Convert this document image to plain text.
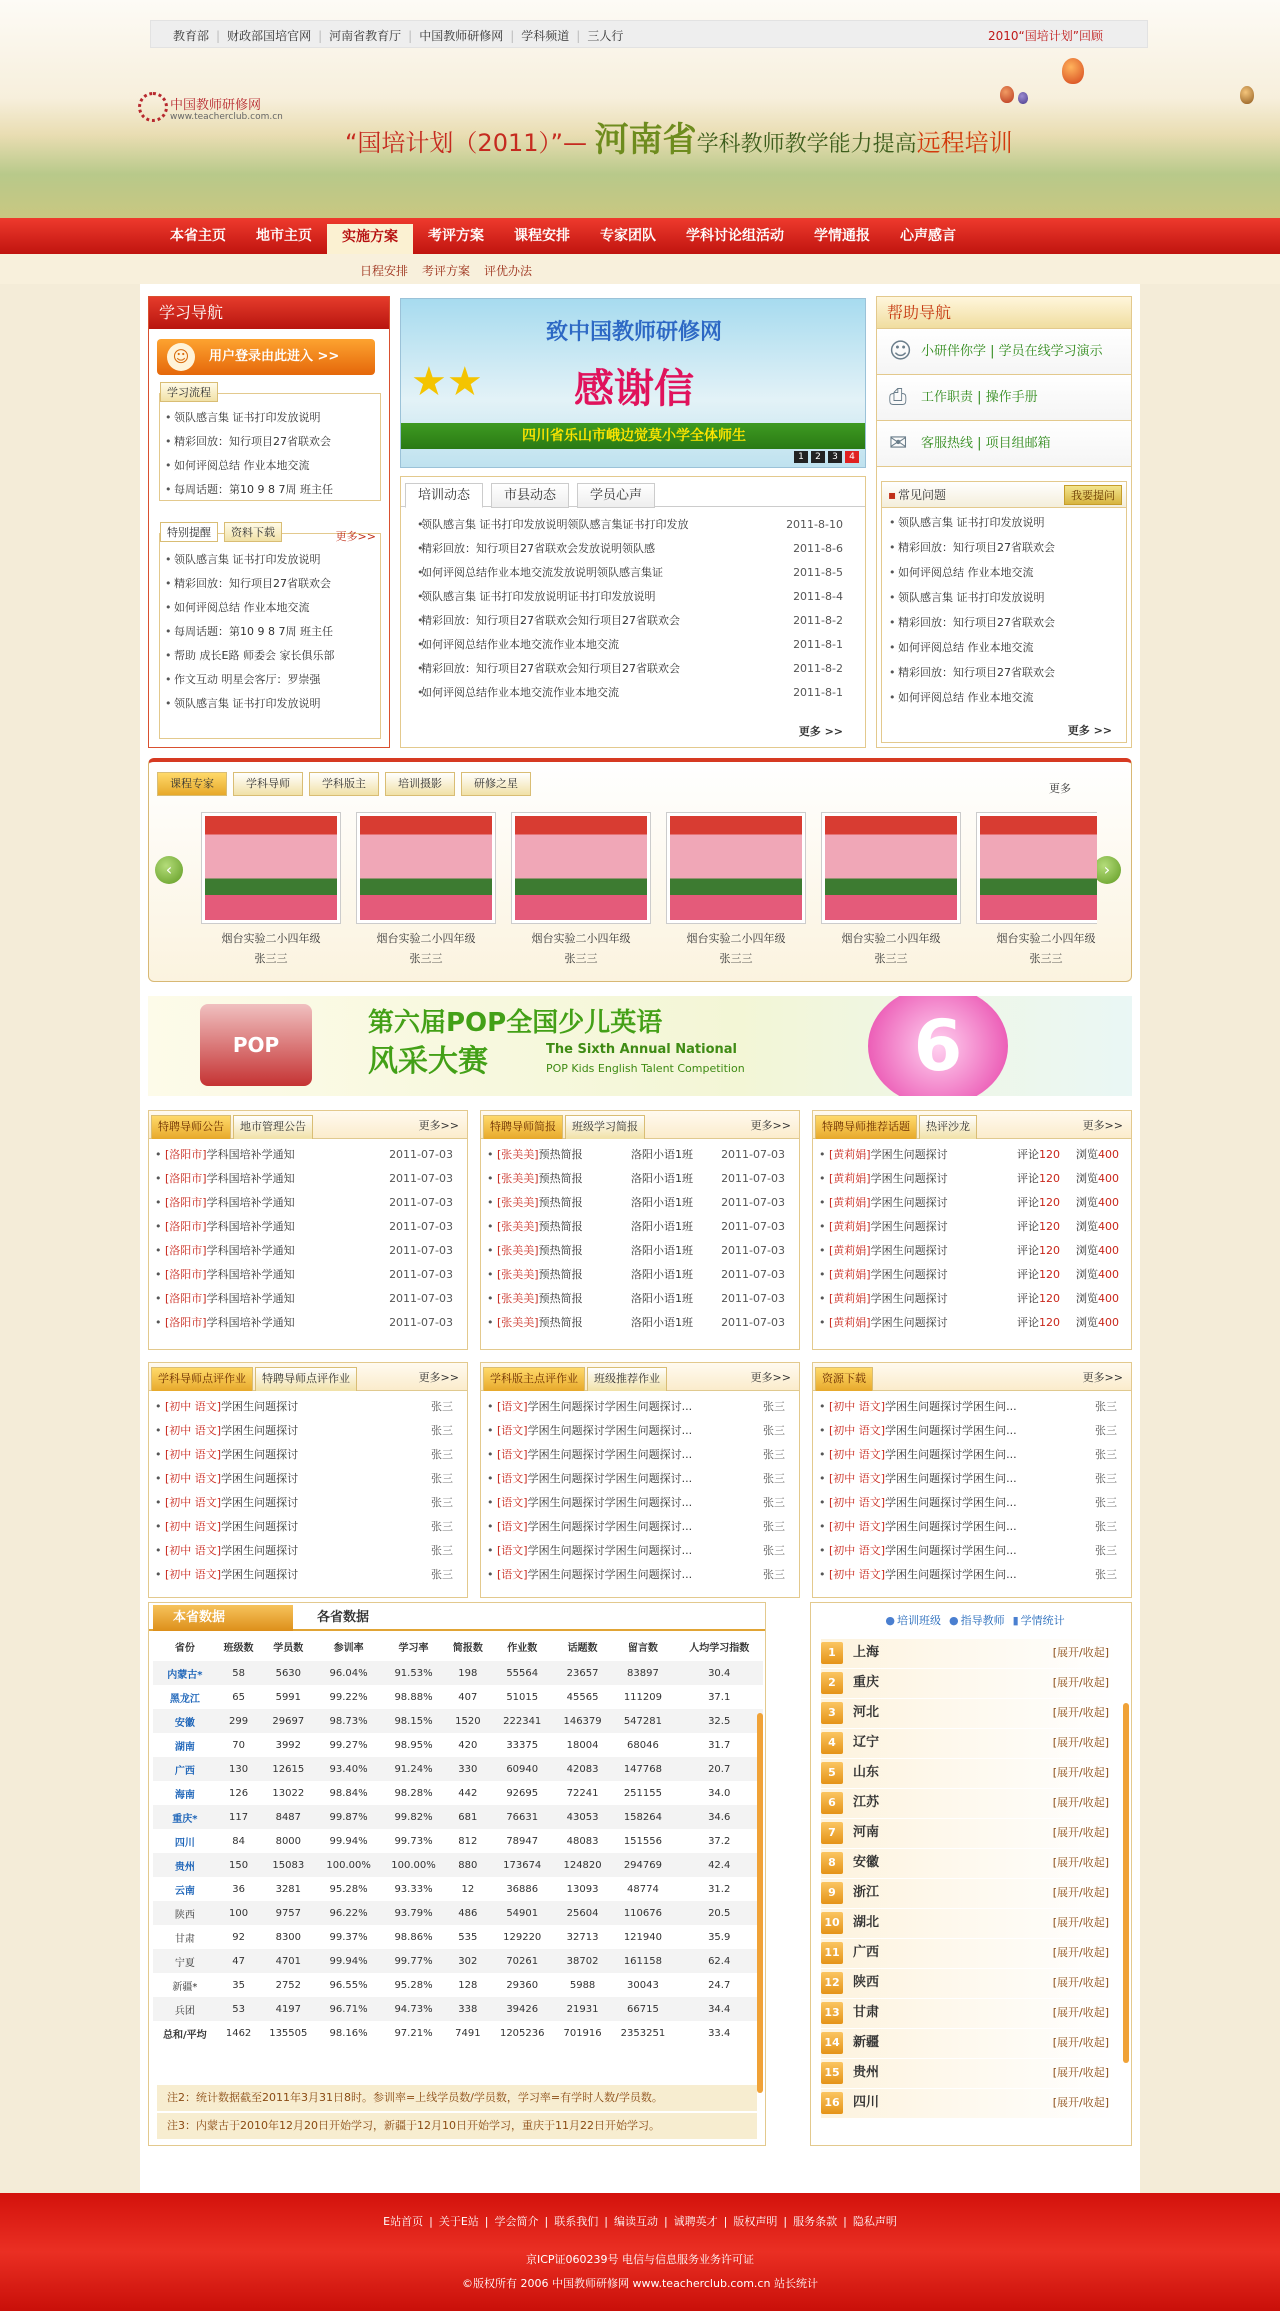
教育部 | 财政部国培官网 | 河南省教育厅 | 中国教师研修网 | 学科频道 | 三人行	2010“国培计划”回顾
中国教师研修网
www.teacherclub.com.cn
“国培计划（2011）”— 河南省学科教师教学能力提高远程培训
本省主页	地市主页	实施方案	考评方案	课程安排	专家团队	学科讨论组活动	学情通报	心声感言
日程安排 考评方案 评优办法
学习导航
☺	用户登录由此进入 >>
学习流程
• 领队感言集 证书打印发放说明
• 精彩回放：知行项目27省联欢会
• 如何评阅总结 作业本地交流
• 每周话题：第10 9 8 7周 班主任
特别提醒	资料下载	更多>>
• 领队感言集 证书打印发放说明
• 精彩回放：知行项目27省联欢会
• 如何评阅总结 作业本地交流
• 每周话题：第10 9 8 7周 班主任
• 帮助 成长E路 师委会 家长俱乐部
• 作文互动 明星会客厅：罗崇强
• 领队感言集 证书打印发放说明
致中国教师研修网
感谢信
★★
四川省乐山市峨边觉莫小学全体师生
1 2 3 4
培训动态	市县动态	学员心声
• 领队感言集 证书打印发放说明领队感言集证书打印发放	2011-8-10
• 精彩回放：知行项目27省联欢会发放说明领队感	2011-8-6
• 如何评阅总结作业本地交流发放说明领队感言集证	2011-8-5
• 领队感言集 证书打印发放说明证书打印发放说明	2011-8-4
• 精彩回放：知行项目27省联欢会知行项目27省联欢会	2011-8-2
• 如何评阅总结作业本地交流作业本地交流	2011-8-1
• 精彩回放：知行项目27省联欢会知行项目27省联欢会	2011-8-2
• 如何评阅总结作业本地交流作业本地交流	2011-8-1
更多 >>
帮助导航
☺ 小研伴你学 | 学员在线学习演示
⎙ 工作职责 | 操作手册
✉ 客服热线 | 项目组邮箱
▪ 常见问题	我要提问
• 领队感言集 证书打印发放说明
• 精彩回放：知行项目27省联欢会
• 如何评阅总结 作业本地交流
• 领队感言集 证书打印发放说明
• 精彩回放：知行项目27省联欢会
• 如何评阅总结 作业本地交流
• 精彩回放：知行项目27省联欢会
• 如何评阅总结 作业本地交流
更多 >>
课程专家	学科导师	学科版主	培训摄影	研修之星	更多
‹	›
烟台实验二小四年级
张三三
烟台实验二小四年级
张三三
烟台实验二小四年级
张三三
烟台实验二小四年级
张三三
烟台实验二小四年级
张三三
烟台实验二小四年级
张三三
POP
第六届POP全国少儿英语
风采大赛	The Sixth Annual National
POP Kids English Talent Competition	6
特聘导师公告	地市管理公告	更多>>
• [洛阳市]学科国培补学通知	2011-07-03
• [洛阳市]学科国培补学通知	2011-07-03
• [洛阳市]学科国培补学通知	2011-07-03
• [洛阳市]学科国培补学通知	2011-07-03
• [洛阳市]学科国培补学通知	2011-07-03
• [洛阳市]学科国培补学通知	2011-07-03
• [洛阳市]学科国培补学通知	2011-07-03
• [洛阳市]学科国培补学通知	2011-07-03
特聘导师简报	班级学习简报	更多>>
• [张美美]预热简报	洛阳小语1班	2011-07-03
• [张美美]预热简报	洛阳小语1班	2011-07-03
• [张美美]预热简报	洛阳小语1班	2011-07-03
• [张美美]预热简报	洛阳小语1班	2011-07-03
• [张美美]预热简报	洛阳小语1班	2011-07-03
• [张美美]预热简报	洛阳小语1班	2011-07-03
• [张美美]预热简报	洛阳小语1班	2011-07-03
• [张美美]预热简报	洛阳小语1班	2011-07-03
特聘导师推荐话题	热评沙龙	更多>>
• [黄莉娟]学困生问题探讨	评论120 浏览400
• [黄莉娟]学困生问题探讨	评论120 浏览400
• [黄莉娟]学困生问题探讨	评论120 浏览400
• [黄莉娟]学困生问题探讨	评论120 浏览400
• [黄莉娟]学困生问题探讨	评论120 浏览400
• [黄莉娟]学困生问题探讨	评论120 浏览400
• [黄莉娟]学困生问题探讨	评论120 浏览400
• [黄莉娟]学困生问题探讨	评论120 浏览400
学科导师点评作业	特聘导师点评作业	更多>>
• [初中 语文]学困生问题探讨	张三
• [初中 语文]学困生问题探讨	张三
• [初中 语文]学困生问题探讨	张三
• [初中 语文]学困生问题探讨	张三
• [初中 语文]学困生问题探讨	张三
• [初中 语文]学困生问题探讨	张三
• [初中 语文]学困生问题探讨	张三
• [初中 语文]学困生问题探讨	张三
学科版主点评作业	班级推荐作业	更多>>
• [语文]学困生问题探讨学困生问题探讨...	张三
• [语文]学困生问题探讨学困生问题探讨...	张三
• [语文]学困生问题探讨学困生问题探讨...	张三
• [语文]学困生问题探讨学困生问题探讨...	张三
• [语文]学困生问题探讨学困生问题探讨...	张三
• [语文]学困生问题探讨学困生问题探讨...	张三
• [语文]学困生问题探讨学困生问题探讨...	张三
• [语文]学困生问题探讨学困生问题探讨...	张三
资源下载	更多>>
• [初中 语文]学困生问题探讨学困生问...	张三
• [初中 语文]学困生问题探讨学困生问...	张三
• [初中 语文]学困生问题探讨学困生问...	张三
• [初中 语文]学困生问题探讨学困生问...	张三
• [初中 语文]学困生问题探讨学困生问...	张三
• [初中 语文]学困生问题探讨学困生问...	张三
• [初中 语文]学困生问题探讨学困生问...	张三
• [初中 语文]学困生问题探讨学困生问...	张三
本省数据	各省数据
省份	班级数	学员数	参训率	学习率	简报数	作业数	话题数	留言数	人均学习指数
内蒙古*	58	5630	96.04%	91.53%	198	55564	23657	83897	30.4
黑龙江	65	5991	99.22%	98.88%	407	51015	45565	111209	37.1
安徽	299	29697	98.73%	98.15%	1520	222341	146379	547281	32.5
湖南	70	3992	99.27%	98.95%	420	33375	18004	68046	31.7
广西	130	12615	93.40%	91.24%	330	60940	42083	147768	20.7
海南	126	13022	98.84%	98.28%	442	92695	72241	251155	34.0
重庆*	117	8487	99.87%	99.82%	681	76631	43053	158264	34.6
四川	84	8000	99.94%	99.73%	812	78947	48083	151556	37.2
贵州	150	15083	100.00%	100.00%	880	173674	124820	294769	42.4
云南	36	3281	95.28%	93.33%	12	36886	13093	48774	31.2
陕西	100	9757	96.22%	93.79%	486	54901	25604	110676	20.5
甘肃	92	8300	99.37%	98.86%	535	129220	32713	121940	35.9
宁夏	47	4701	99.94%	99.77%	302	70261	38702	161158	62.4
新疆*	35	2752	96.55%	95.28%	128	29360	5988	30043	24.7
兵团	53	4197	96.71%	94.73%	338	39426	21931	66715	34.4
总和/平均	1462	135505	98.16%	97.21%	7491	1205236	701916	2353251	33.4
注2：统计数据截至2011年3月31日8时。参训率=上线学员数/学员数，学习率=有学时人数/学员数。
注3：内蒙古于2010年12月20日开始学习，新疆于12月10日开始学习，重庆于11月22日开始学习。
● 培训班级 ● 指导教师 ▮ 学情统计
1	上海	[展开/收起]
2	重庆	[展开/收起]
3	河北	[展开/收起]
4	辽宁	[展开/收起]
5	山东	[展开/收起]
6	江苏	[展开/收起]
7	河南	[展开/收起]
8	安徽	[展开/收起]
9	浙江	[展开/收起]
10 湖北	[展开/收起]
11 广西	[展开/收起]
12 陕西	[展开/收起]
13 甘肃	[展开/收起]
14 新疆	[展开/收起]
15 贵州	[展开/收起]
16 四川	[展开/收起]
E站首页 | 关于E站 | 学会简介 | 联系我们 | 编读互动 | 诚聘英才 | 版权声明 | 服务条款 | 隐私声明
京ICP证060239号 电信与信息服务业务许可证
©版权所有 2006 中国教师研修网 www.teacherclub.com.cn 站长统计
